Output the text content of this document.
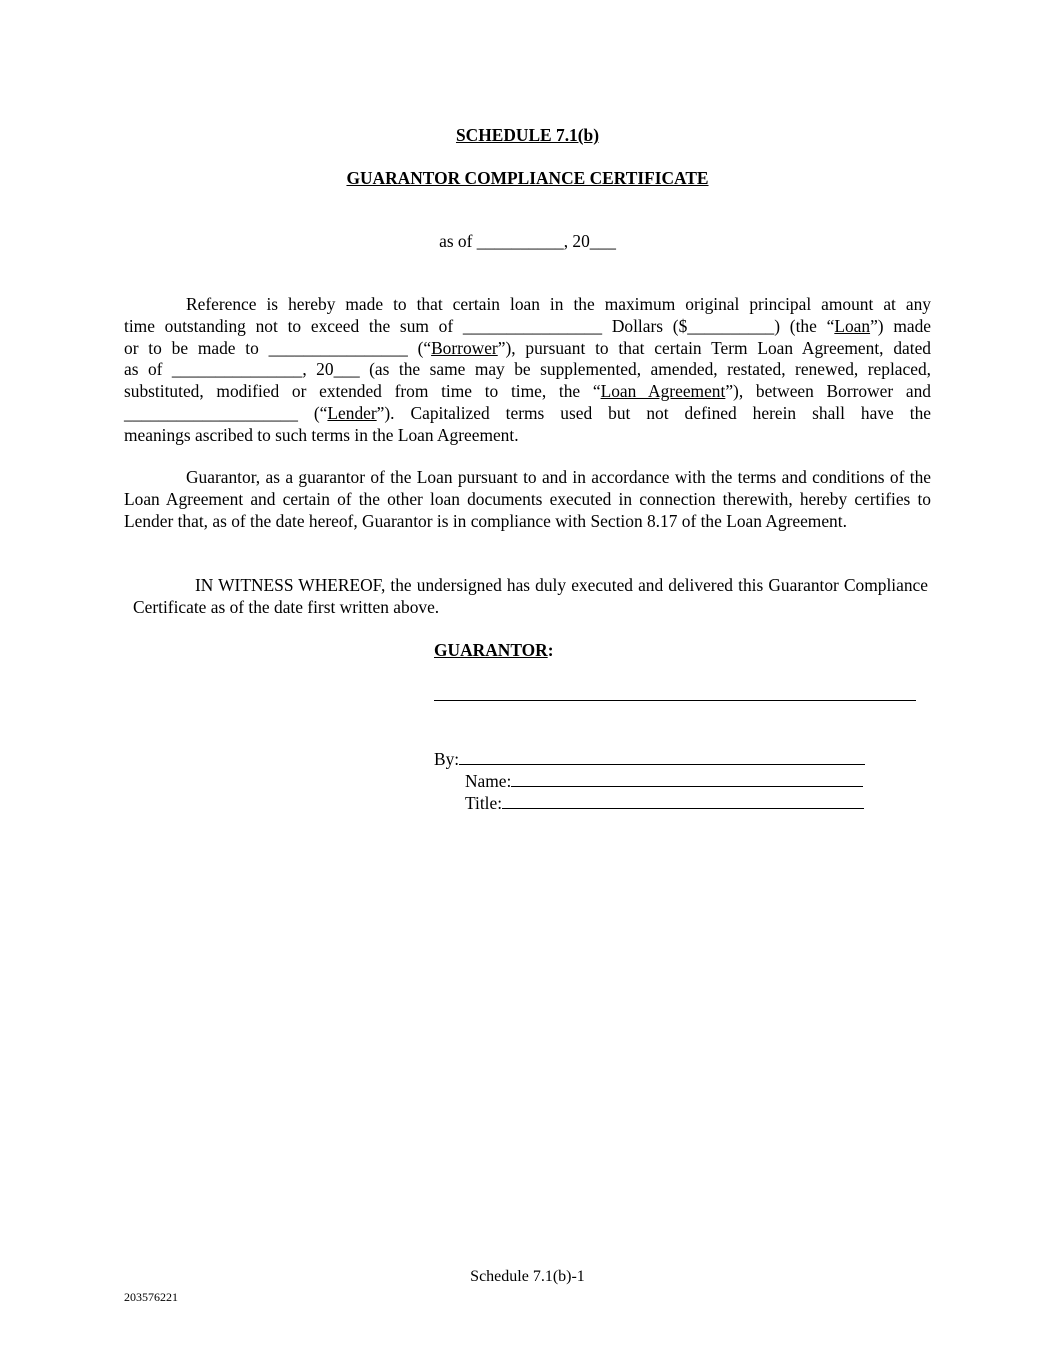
SCHEDULE 7.1(b)
GUARANTOR COMPLIANCE CERTIFICATE
as of __________, 20___
Reference is hereby made to that certain loan in the maximum original principal amount at any
time outstanding not to exceed the sum of ________________ Dollars ($__________) (the “Loan”) made
or to be made to ________________ (“Borrower”), pursuant to that certain Term Loan Agreement, dated
as of _______________, 20___ (as the same may be supplemented, amended, restated, renewed, replaced,
substituted, modified or extended from time to time, the “Loan Agreement”), between Borrower and
____________________ (“Lender”). Capitalized terms used but not defined herein shall have the
meanings ascribed to such terms in the Loan Agreement.

Guarantor, as a guarantor of the Loan pursuant to and in accordance with the terms and conditions of the Loan Agreement and certain of the other loan documents executed in connection therewith, hereby certifies to Lender that, as of the date hereof, Guarantor is in compliance with Section 8.17 of the Loan Agreement.

IN WITNESS WHEREOF, the undersigned has duly executed and delivered this Guarantor Compliance Certificate as of the date first written above.

GUARANTOR:
By:
Name:
Title:
Schedule 7.1(b)-1
203576221
